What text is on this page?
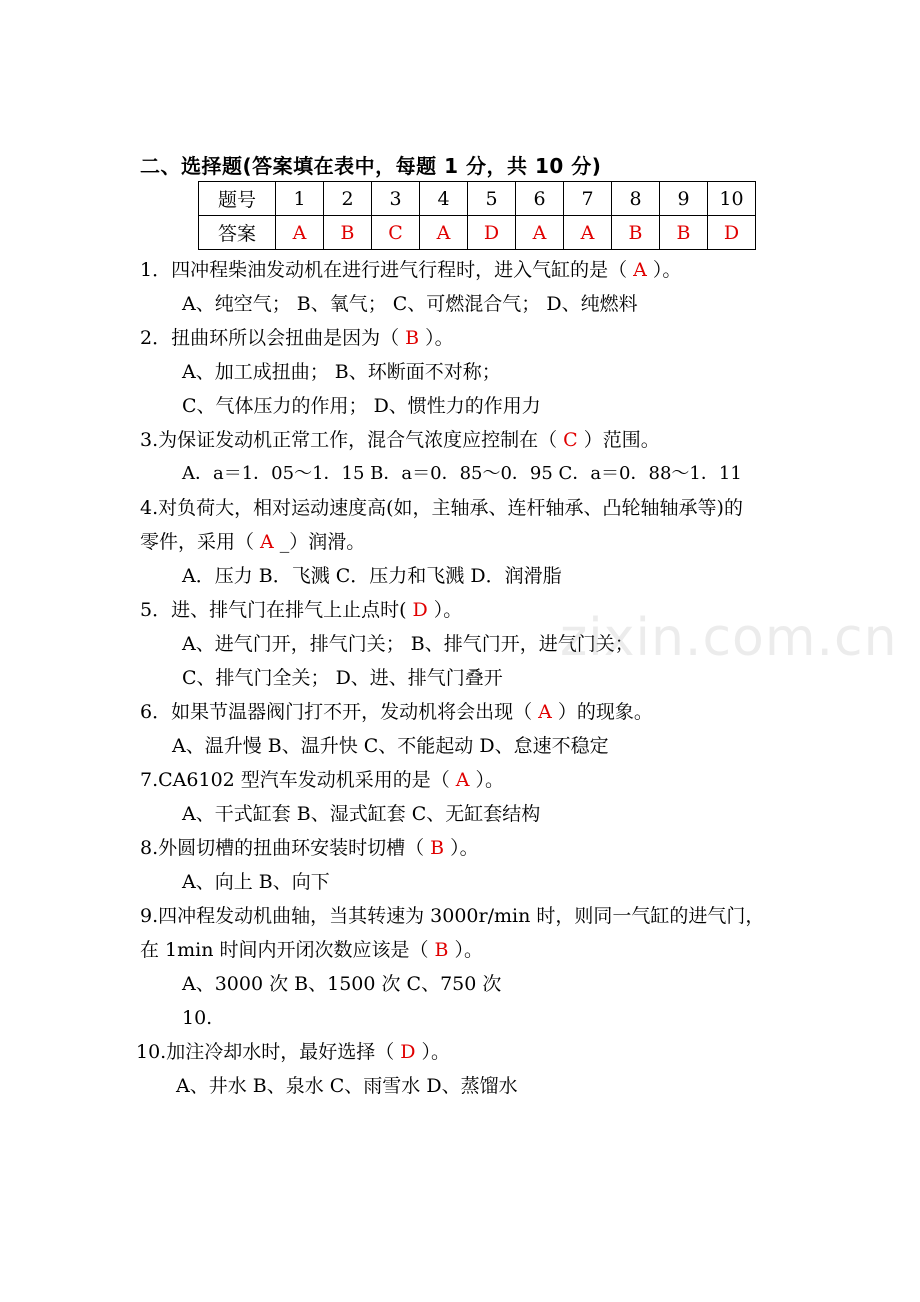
二、选择题(答案填在表中，每题 1 分，共 10 分)
题号	1	2	3	4	5	6	7	8	9	10
答案	A	B	C	A	D	A	A	B	B	D
1．四冲程柴油发动机在进行进气行程时，进入气缸的是（ A ）。
A、纯空气； B、氧气； C、可燃混合气； D、纯燃料
2．扭曲环所以会扭曲是因为（ B ）。
A、加工成扭曲； B、环断面不对称；
C、气体压力的作用； D、惯性力的作用力
3.为保证发动机正常工作，混合气浓度应控制在（ C ）范围。
A．a＝1．05～1．15 B．a＝0．85～0．95 C．a＝0．88～1．11
4.对负荷大，相对运动速度高(如，主轴承、连杆轴承、凸轮轴轴承等)的
零件，采用（ A _）润滑。
A．压力 B．飞溅 C．压力和飞溅 D．润滑脂
5．进、排气门在排气上止点时( D ）。
A、进气门开，排气门关； B、排气门开，进气门关；
C、排气门全关； D、进、排气门叠开
6．如果节温器阀门打不开，发动机将会出现（ A ）的现象。
A、温升慢 B、温升快 C、不能起动 D、怠速不稳定
7.CA6102 型汽车发动机采用的是（ A ）。
A、干式缸套 B、湿式缸套 C、无缸套结构
8.外圆切槽的扭曲环安装时切槽（ B ）。
A、向上 B、向下
9.四冲程发动机曲轴，当其转速为 3000r/min 时，则同一气缸的进气门，
在 1min 时间内开闭次数应该是（ B ）。
A、3000 次 B、1500 次 C、750 次
10.
10.加注冷却水时，最好选择（ D ）。
A、井水 B、泉水 C、雨雪水 D、蒸馏水
zixin.com.cn
